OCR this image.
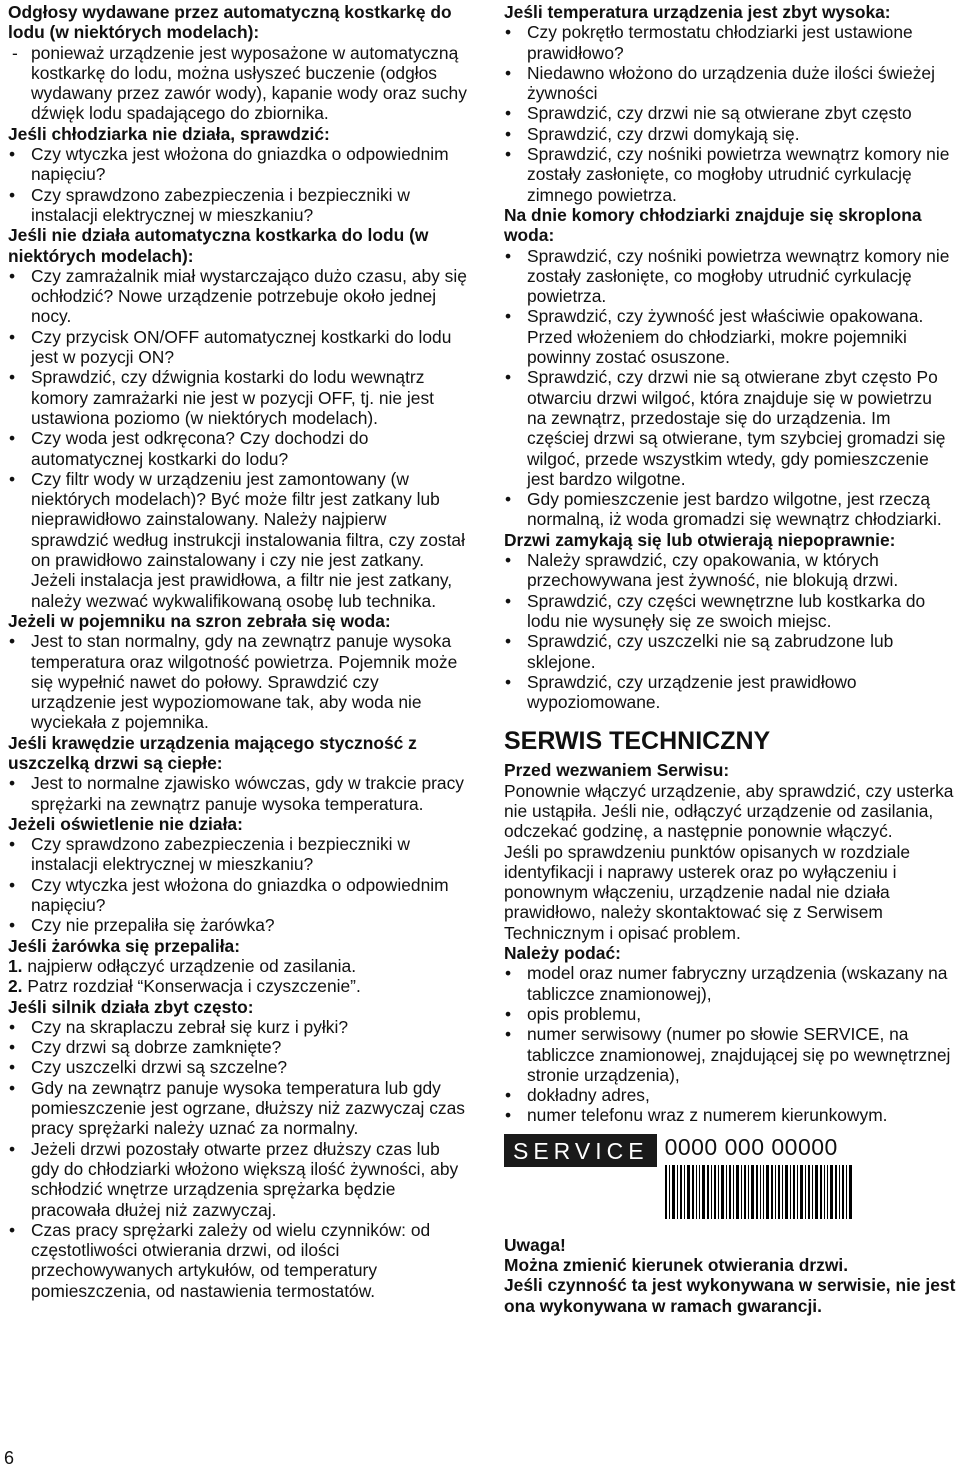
Odgłosy wydawane przez automatyczną kostkarkę do lodu (w niektórych modelach):
- ponieważ urządzenie jest wyposażone w automatyczną kostkarkę do lodu, można usłyszeć buczenie (odgłos wydawany przez zawór wody), kapanie wody oraz suchy dźwięk lodu spadającego do zbiornika.
Jeśli chłodziarka nie działa, sprawdzić:
• Czy wtyczka jest włożona do gniazdka o odpowiednim napięciu?
• Czy sprawdzono zabezpieczenia i bezpieczniki w instalacji elektrycznej w mieszkaniu?
Jeśli nie działa automatyczna kostkarka do lodu (w niektórych modelach):
• Czy zamrażalnik miał wystarczająco dużo czasu, aby się ochłodzić? Nowe urządzenie potrzebuje około jednej nocy.
• Czy przycisk ON/OFF automatycznej kostkarki do lodu jest w pozycji ON?
• Sprawdzić, czy dźwignia kostarki do lodu wewnątrz komory zamrażarki nie jest w pozycji OFF, tj. nie jest ustawiona poziomo (w niektórych modelach).
• Czy woda jest odkręcona? Czy dochodzi do automatycznej kostkarki do lodu?
• Czy filtr wody w urządzeniu jest zamontowany (w niektórych modelach)? Być może filtr jest zatkany lub nieprawidłowo zainstalowany. Należy najpierw sprawdzić według instrukcji instalowania filtra, czy został on prawidłowo zainstalowany i czy nie jest zatkany. Jeżeli instalacja jest prawidłowa, a filtr nie jest zatkany, należy wezwać wykwalifikowaną osobę lub technika.
Jeżeli w pojemniku na szron zebrała się woda:
• Jest to stan normalny, gdy na zewnątrz panuje wysoka temperatura oraz wilgotność powietrza. Pojemnik może się wypełnić nawet do połowy. Sprawdzić czy urządzenie jest wypoziomowane tak, aby woda nie wyciekała z pojemnika.
Jeśli krawędzie urządzenia mającego styczność z uszczelką drzwi są ciepłe:
• Jest to normalne zjawisko wówczas, gdy w trakcie pracy sprężarki na zewnątrz panuje wysoka temperatura.
Jeżeli oświetlenie nie działa:
• Czy sprawdzono zabezpieczenia i bezpieczniki w instalacji elektrycznej w mieszkaniu?
• Czy wtyczka jest włożona do gniazdka o odpowiednim napięciu?
• Czy nie przepaliła się żarówka?
Jeśli żarówka się przepaliła:
1. najpierw odłączyć urządzenie od zasilania.
2. Patrz rozdział “Konserwacja i czyszczenie”.
Jeśli silnik działa zbyt często:
• Czy na skraplaczu zebrał się kurz i pyłki?
• Czy drzwi są dobrze zamknięte?
• Czy uszczelki drzwi są szczelne?
• Gdy na zewnątrz panuje wysoka temperatura lub gdy pomieszczenie jest ogrzane, dłuższy niż zazwyczaj czas pracy sprężarki należy uznać za normalny.
• Jeżeli drzwi pozostały otwarte przez dłuższy czas lub gdy do chłodziarki włożono większą ilość żywności, aby schłodzić wnętrze urządzenia sprężarka będzie pracowała dłużej niż zazwyczaj.
• Czas pracy sprężarki zależy od wielu czynników: od częstotliwości otwierania drzwi, od ilości przechowywanych artykułów, od temperatury pomieszczenia, od nastawienia termostatów.
Jeśli temperatura urządzenia jest zbyt wysoka:
• Czy pokrętło termostatu chłodziarki jest ustawione prawidłowo?
• Niedawno włożono do urządzenia duże ilości świeżej żywności
• Sprawdzić, czy drzwi nie są otwierane zbyt często
• Sprawdzić, czy drzwi domykają się.
• Sprawdzić, czy nośniki powietrza wewnątrz komory nie zostały zasłonięte, co mogłoby utrudnić cyrkulację zimnego powietrza.
Na dnie komory chłodziarki znajduje się skroplona woda:
• Sprawdzić, czy nośniki powietrza wewnątrz komory nie zostały zasłonięte, co mogłoby utrudnić cyrkulację powietrza.
• Sprawdzić, czy żywność jest właściwie opakowana. Przed włożeniem do chłodziarki, mokre pojemniki powinny zostać osuszone.
• Sprawdzić, czy drzwi nie są otwierane zbyt często Po otwarciu drzwi wilgoć, która znajduje się w powietrzu na zewnątrz, przedostaje się do urządzenia. Im częściej drzwi są otwierane, tym szybciej gromadzi się wilgoć, przede wszystkim wtedy, gdy pomieszczenie jest bardzo wilgotne.
• Gdy pomieszczenie jest bardzo wilgotne, jest rzeczą normalną, iż woda gromadzi się wewnątrz chłodziarki.
Drzwi zamykają się lub otwierają niepoprawnie:
• Należy sprawdzić, czy opakowania, w których przechowywana jest żywność, nie blokują drzwi.
• Sprawdzić, czy części wewnętrzne lub kostkarka do lodu nie wysunęły się ze swoich miejsc.
• Sprawdzić, czy uszczelki nie są zabrudzone lub sklejone.
• Sprawdzić, czy urządzenie jest prawidłowo wypoziomowane.
SERWIS TECHNICZNY
Przed wezwaniem Serwisu:
Ponownie włączyć urządzenie, aby sprawdzić, czy usterka nie ustąpiła. Jeśli nie, odłączyć urządzenie od zasilania, odczekać godzinę, a następnie ponownie włączyć.
Jeśli po sprawdzeniu punktów opisanych w rozdziale identyfikacji i naprawy usterek oraz po wyłączeniu i ponownym włączeniu, urządzenie nadal nie działa prawidłowo, należy skontaktować się z Serwisem Technicznym i opisać problem.
Należy podać:
• model oraz numer fabryczny urządzenia (wskazany na tabliczce znamionowej),
• opis problemu,
• numer serwisowy (numer po słowie SERVICE, na tabliczce znamionowej, znajdującej się po wewnętrznej stronie urządzenia),
• dokładny adres,
• numer telefonu wraz z numerem kierunkowym.
SERVICE 0000 000 00000
Uwaga!
Można zmienić kierunek otwierania drzwi.
Jeśli czynność ta jest wykonywana w serwisie, nie jest ona wykonywana w ramach gwarancji.
6
